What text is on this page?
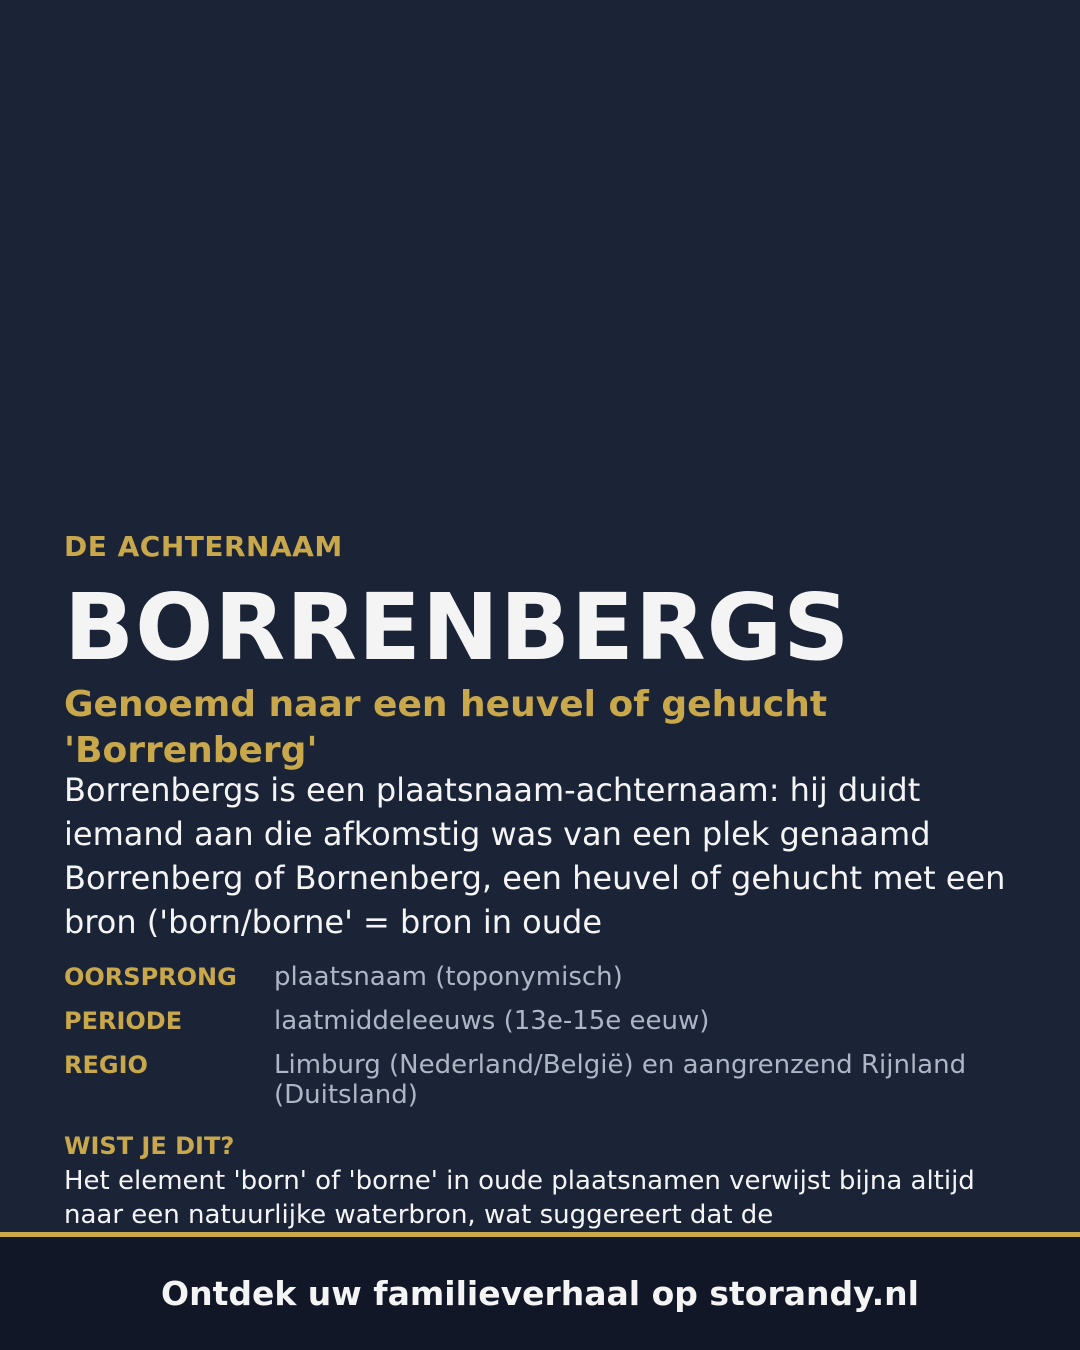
DE ACHTERNAAM

BORRENBERGS
Genoemd naar een heuvel of gehucht 'Borrenberg'

Borrenbergs is een plaatsnaam-achternaam: hij duidt iemand aan die afkomstig was van een plek genaamd Borrenberg of Bornenberg, een heuvel of gehucht met een bron ('born/borne' = bron in oude

OORSPRONG	plaatsnaam (toponymisch)
PERIODE	laatmiddeleeuws (13e-15e eeuw)
REGIO	Limburg (Nederland/België) en aangrenzend Rijnland (Duitsland)

WIST JE DIT?

Het element 'born' of 'borne' in oude plaatsnamen verwijst bijna altijd naar een natuurlijke waterbron, wat suggereert dat de

Ontdek uw familieverhaal op storandy.nl
